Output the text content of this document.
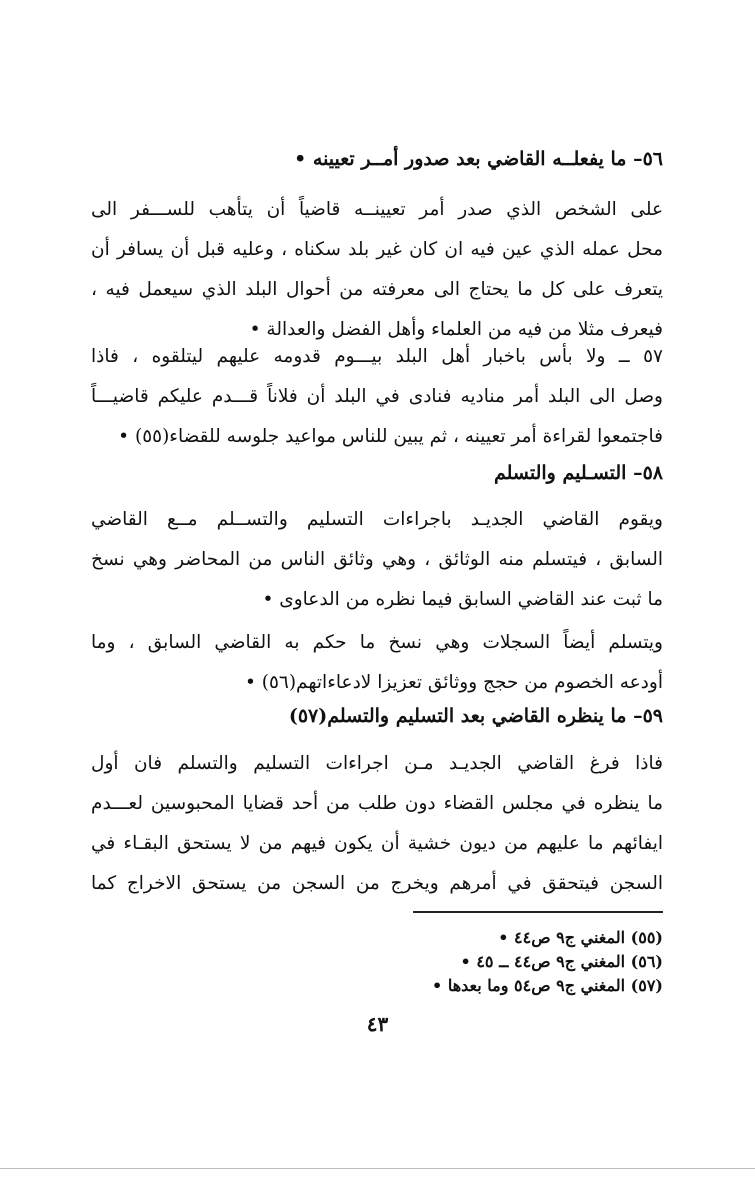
٥٦– ما يفعلــه القاضي بعد صدور أمــر تعيينه •
على الشخص الذي صدر أمر تعيينــه قاضياً أن يتأهب للســـفر الى
محل عمله الذي عين فيه ان كان غير بلد سكناه ، وعليه قبل أن يسافر أن
يتعرف على كل ما يحتاج الى معرفته من أحوال البلد الذي سيعمل فيه ،
فيعرف مثلا من فيه من العلماء وأهل الفضل والعدالة •
٥٧ ــ ولا بأس باخبار أهل البلد بيـــوم قدومه عليهم ليتلقوه ، فاذا
وصل الى البلد أمر مناديه فنادى في البلد أن فلاناً قـــدم عليكم قاضيـــاً
فاجتمعوا لقراءة أمر تعيينه ، ثم يبين للناس مواعيد جلوسه للقضاء(٥٥) •
٥٨– التسـليم والتسلم
ويقوم القاضي الجديـد باجراءات التسليم والتســلم مــع القاضي
السابق ، فيتسلم منه الوثائق ، وهي وثائق الناس من المحاضر وهي نسخ
ما ثبت عند القاضي السابق فيما نظره من الدعاوى •
ويتسلم أيضاً السجلات وهي نسخ ما حكم به القاضي السابق ، وما
أودعه الخصوم من حجج ووثائق تعزيزا لادعاءاتهم(٥٦) •
٥٩– ما ينظره القاضي بعد التسليم والتسلم(٥٧)
فاذا فرغ القاضي الجديـد مـن اجراءات التسليم والتسلم فان أول
ما ينظره في مجلس القضاء دون طلب من أحد قضايا المحبوسين لعـــدم
ايفائهم ما عليهم من ديون خشية أن يكون فيهم من لا يستحق البقـاء في
السجن فيتحقق في أمرهم ويخرج من السجن من يستحق الاخراج كما
(٥٥) المغني ج٩ ص٤٤ •
(٥٦) المغني ج٩ ص٤٤ ــ ٤٥ •
(٥٧) المغني ج٩ ص٥٤ وما بعدها •
٤٣
